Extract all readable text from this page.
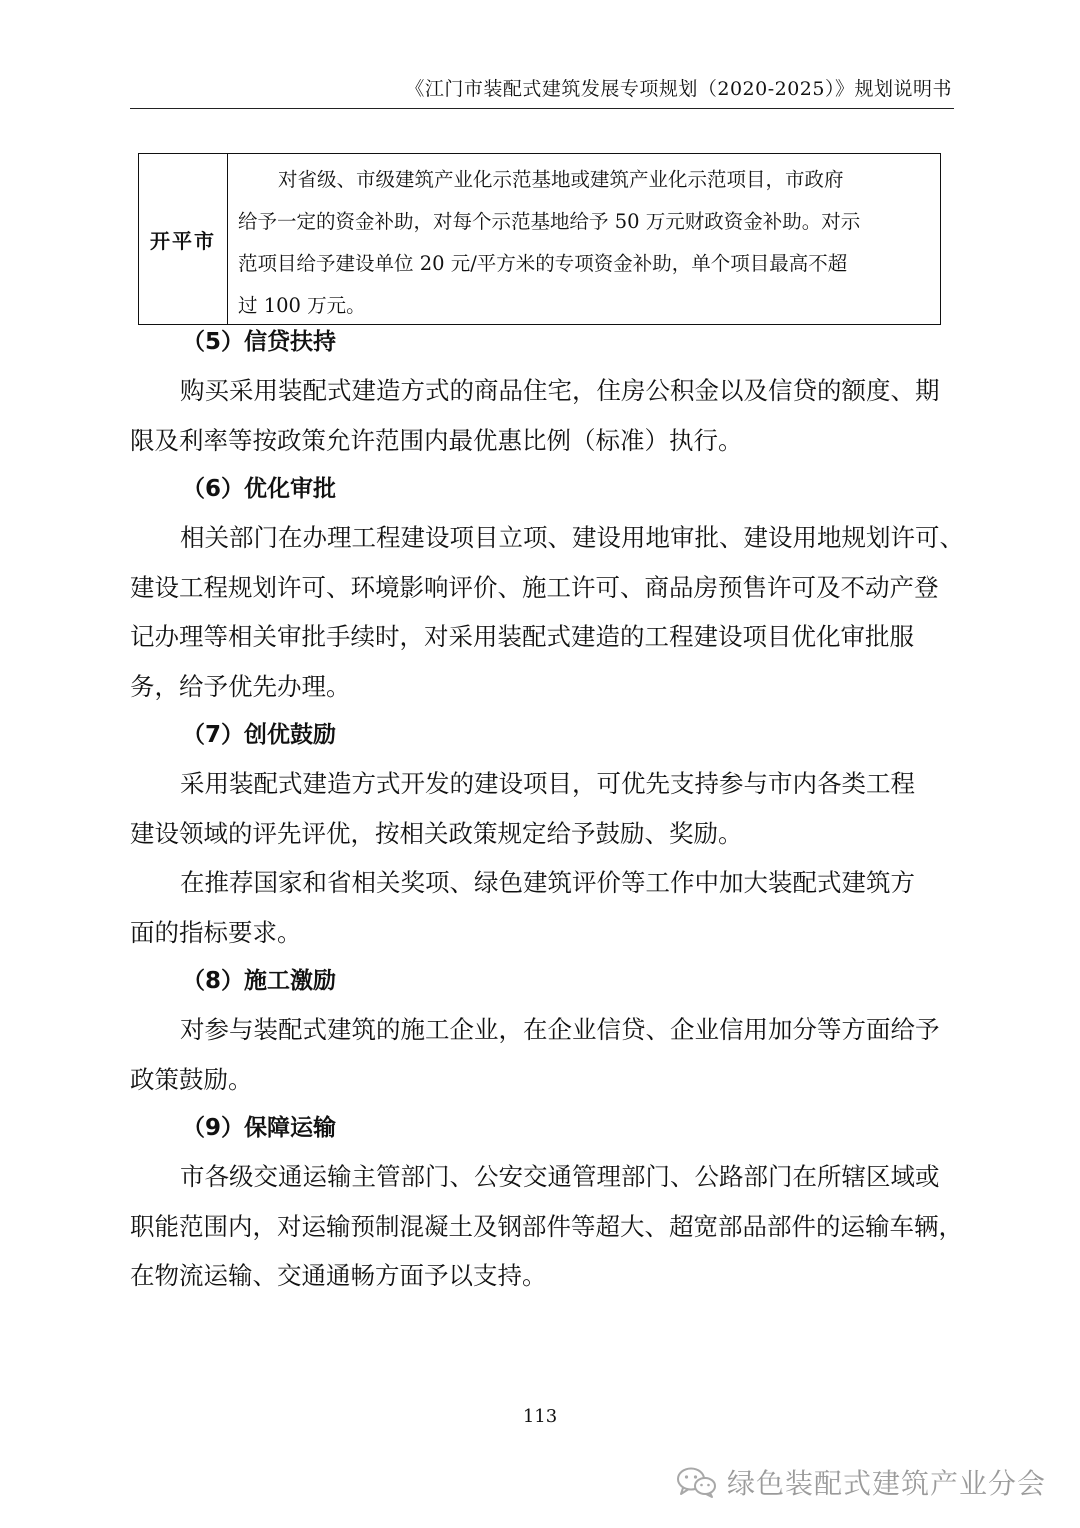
《江门市装配式建筑发展专项规划（2020-2025）》规划说明书
开平市
对省级、市级建筑产业化示范基地或建筑产业化示范项目，市政府
给予一定的资金补助，对每个示范基地给予 50 万元财政资金补助。对示
范项目给予建设单位 20 元/平方米的专项资金补助，单个项目最高不超
过 100 万元。
（5）信贷扶持
购买采用装配式建造方式的商品住宅，住房公积金以及信贷的额度、期
限及利率等按政策允许范围内最优惠比例（标准）执行。
（6）优化审批
相关部门在办理工程建设项目立项、建设用地审批、建设用地规划许可、
建设工程规划许可、环境影响评价、施工许可、商品房预售许可及不动产登
记办理等相关审批手续时，对采用装配式建造的工程建设项目优化审批服
务，给予优先办理。
（7）创优鼓励
采用装配式建造方式开发的建设项目，可优先支持参与市内各类工程
建设领域的评先评优，按相关政策规定给予鼓励、奖励。
在推荐国家和省相关奖项、绿色建筑评价等工作中加大装配式建筑方
面的指标要求。
（8）施工激励
对参与装配式建筑的施工企业，在企业信贷、企业信用加分等方面给予
政策鼓励。
（9）保障运输
市各级交通运输主管部门、公安交通管理部门、公路部门在所辖区域或
职能范围内，对运输预制混凝土及钢部件等超大、超宽部品部件的运输车辆，
在物流运输、交通通畅方面予以支持。
113
绿色装配式建筑产业分会
